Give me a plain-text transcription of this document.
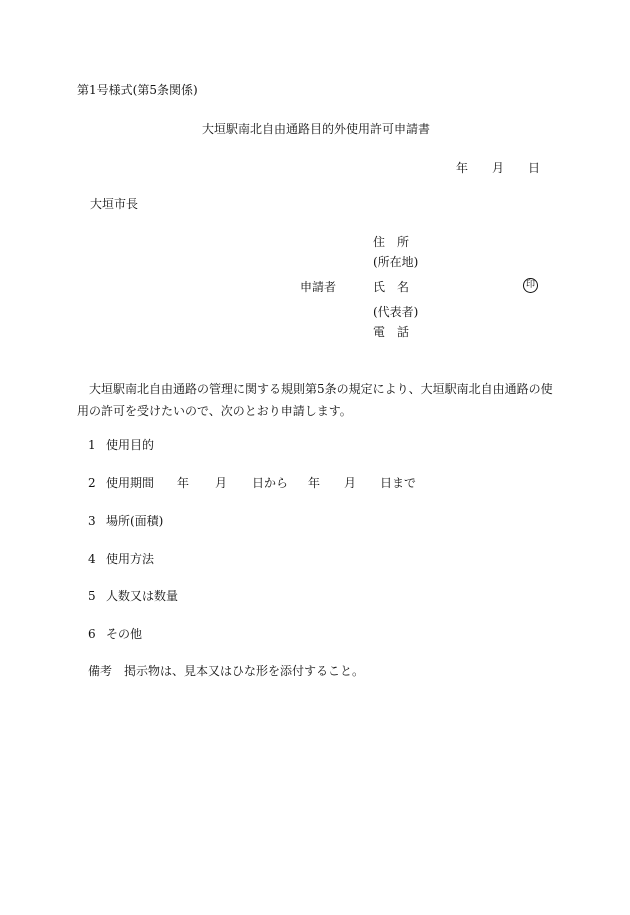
第1号様式(第5条関係)
大垣駅南北自由通路目的外使用許可申請書
年 月 日
大垣市長
住　所
(所在地)
申請者	氏　名	印
(代表者)
電　話
大垣駅南北自由通路の管理に関する規則第5条の規定により、大垣駅南北自由通路の使用の許可を受けたいので、次のとおり申請します。
1 使用目的
2 使用期間 年 月 日から 年 月 日まで
3 場所(面積)
4 使用方法
5 人数又は数量
6 その他
備考 掲示物は、見本又はひな形を添付すること。
